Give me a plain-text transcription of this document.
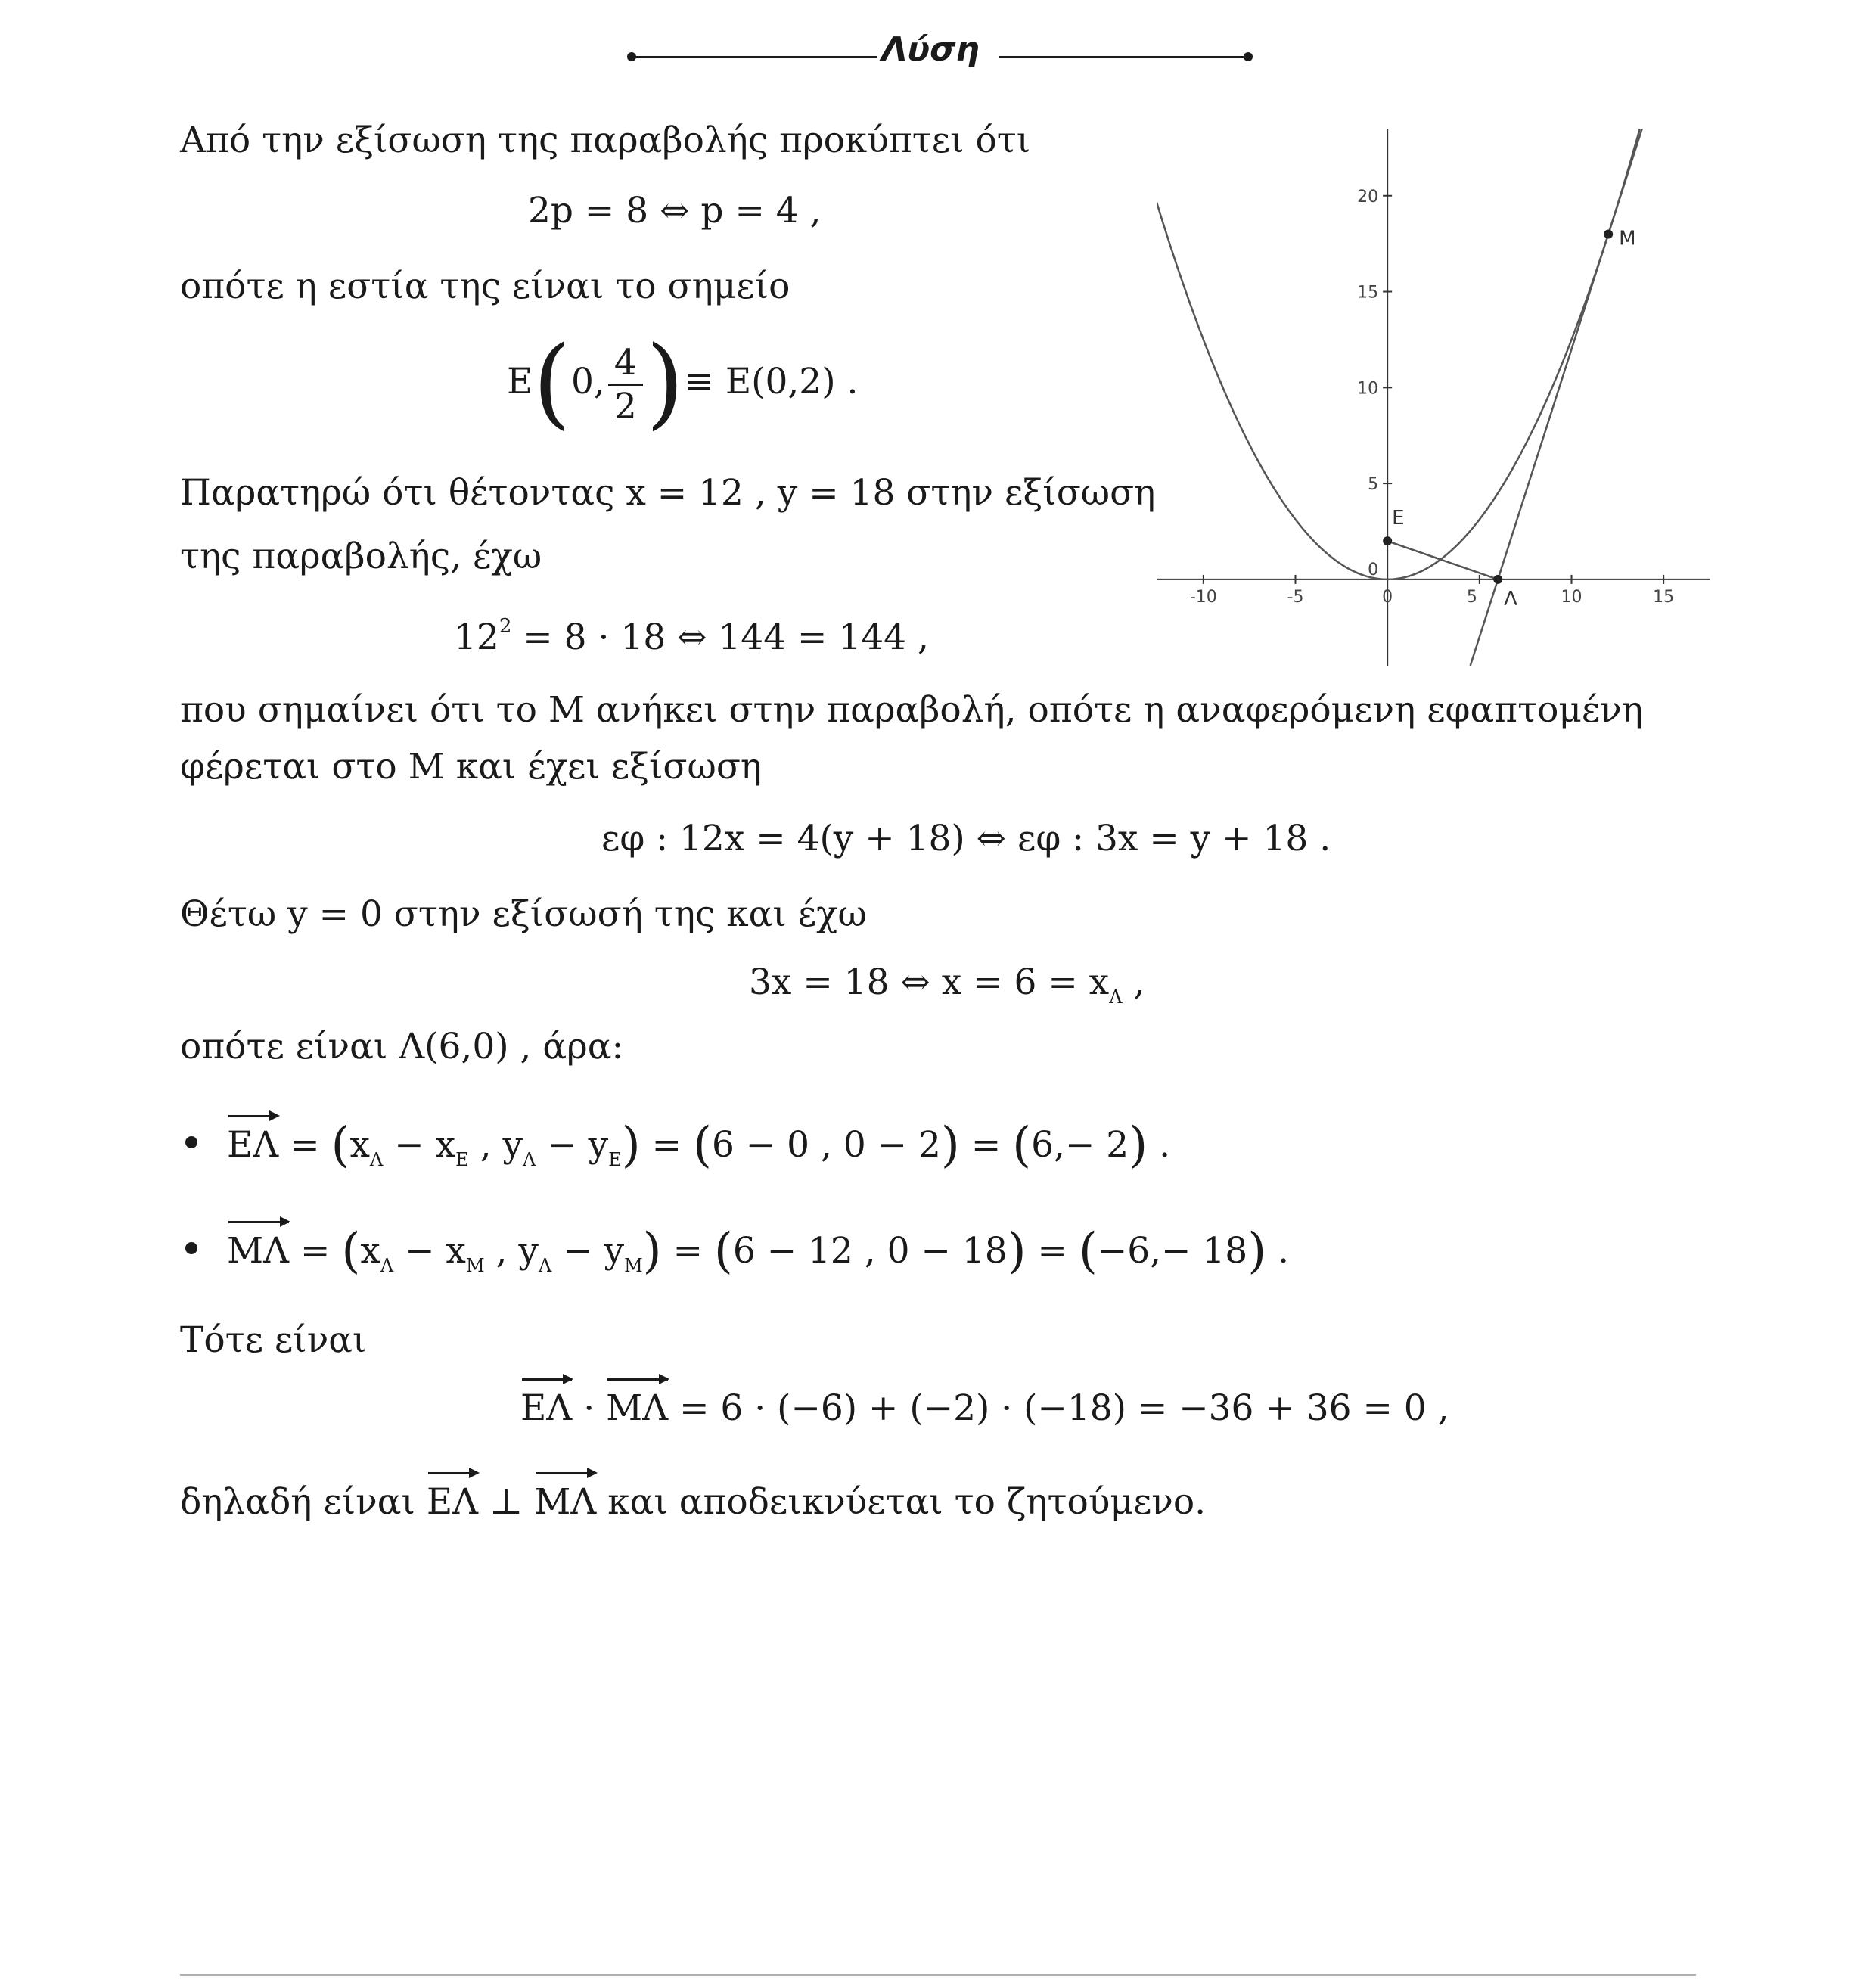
Λύση
Από την εξίσωση της παραβολής προκύπτει ότι
2p = 8 ⇔ p = 4 ,
οπότε η εστία της είναι το σημείο
Ε(0, $\frac{4}{2}$ )≡ Ε(0,2) .
Παρατηρώ ότι θέτοντας x = 12 , y = 18 στην εξίσωση
της παραβολής, έχω
$12^2 = 8 \cdot 18$ ⇔ 144 = 144 ,
που σημαίνει ότι το Μ ανήκει στην παραβολή, οπότε η αναφερόμενη εφαπτομένη
φέρεται στο Μ και έχει εξίσωση
εφ : 12x = 4(y + 18) ⇔ εφ : 3x = y + 18 .
Θέτω y = 0 στην εξίσωσή της και έχω
3x = 18 ⇔ $x = 6 = x_\Lambda$ ,
οπότε είναι Λ(6,0) , άρα:
$E\Lambda = (x_\Lambda - x_E$ , $y_\Lambda - y_E) = (6 - 0$ , 0 − 2) = (6,− 2) .
$M\Lambda = (x_\Lambda - x_M$ , $y_\Lambda - y_M) = (6 - 12$ , 0 − 18) = (−6,− 18) .
Τότε είναι
ΕΛ · ΜΛ = 6 · (−6) + (−2) · (−18) = −36 + 36 = 0 ,
δηλαδή είναι ΕΛ ⊥ ΜΛ και αποδεικνύεται το ζητούμενο.
-10	-5	0	5	10	15
5
10
15
20
0
Ε
Λ
Μ
